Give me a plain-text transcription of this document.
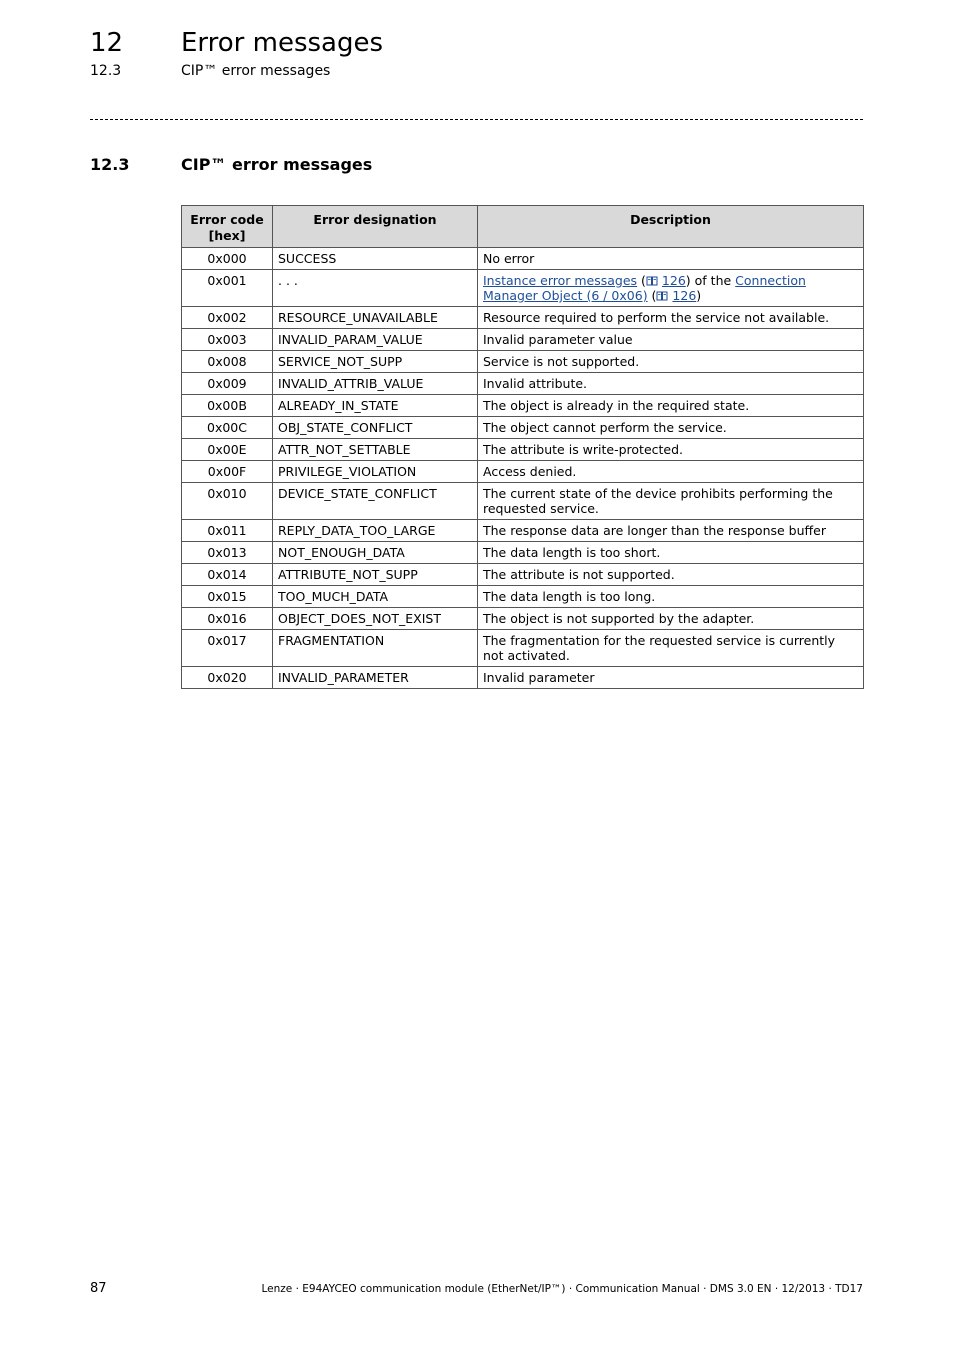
12 Error messages
12.3	CIP™ error messages
12.3	CIP™ error messages
Error code [hex]	Error designation	Description
0x000	SUCCESS	No error
0x001	. . .	Instance error messages ( 126) of the Connection Manager Object (6 / 0x06) ( 126)
0x002	RESOURCE_UNAVAILABLE	Resource required to perform the service not available.
0x003	INVALID_PARAM_VALUE	Invalid parameter value
0x008	SERVICE_NOT_SUPP	Service is not supported.
0x009	INVALID_ATTRIB_VALUE	Invalid attribute.
0x00B	ALREADY_IN_STATE	The object is already in the required state.
0x00C	OBJ_STATE_CONFLICT	The object cannot perform the service.
0x00E	ATTR_NOT_SETTABLE	The attribute is write-protected.
0x00F	PRIVILEGE_VIOLATION	Access denied.
0x010	DEVICE_STATE_CONFLICT	The current state of the device prohibits performing the requested service.
0x011	REPLY_DATA_TOO_LARGE	The response data are longer than the response buffer
0x013	NOT_ENOUGH_DATA	The data length is too short.
0x014	ATTRIBUTE_NOT_SUPP	The attribute is not supported.
0x015	TOO_MUCH_DATA	The data length is too long.
0x016	OBJECT_DOES_NOT_EXIST	The object is not supported by the adapter.
0x017	FRAGMENTATION	The fragmentation for the requested service is currently not activated.
0x020	INVALID_PARAMETER	Invalid parameter
87	Lenze · E94AYCEO communication module (EtherNet/IP™) · Communication Manual · DMS 3.0 EN · 12/2013 · TD17
